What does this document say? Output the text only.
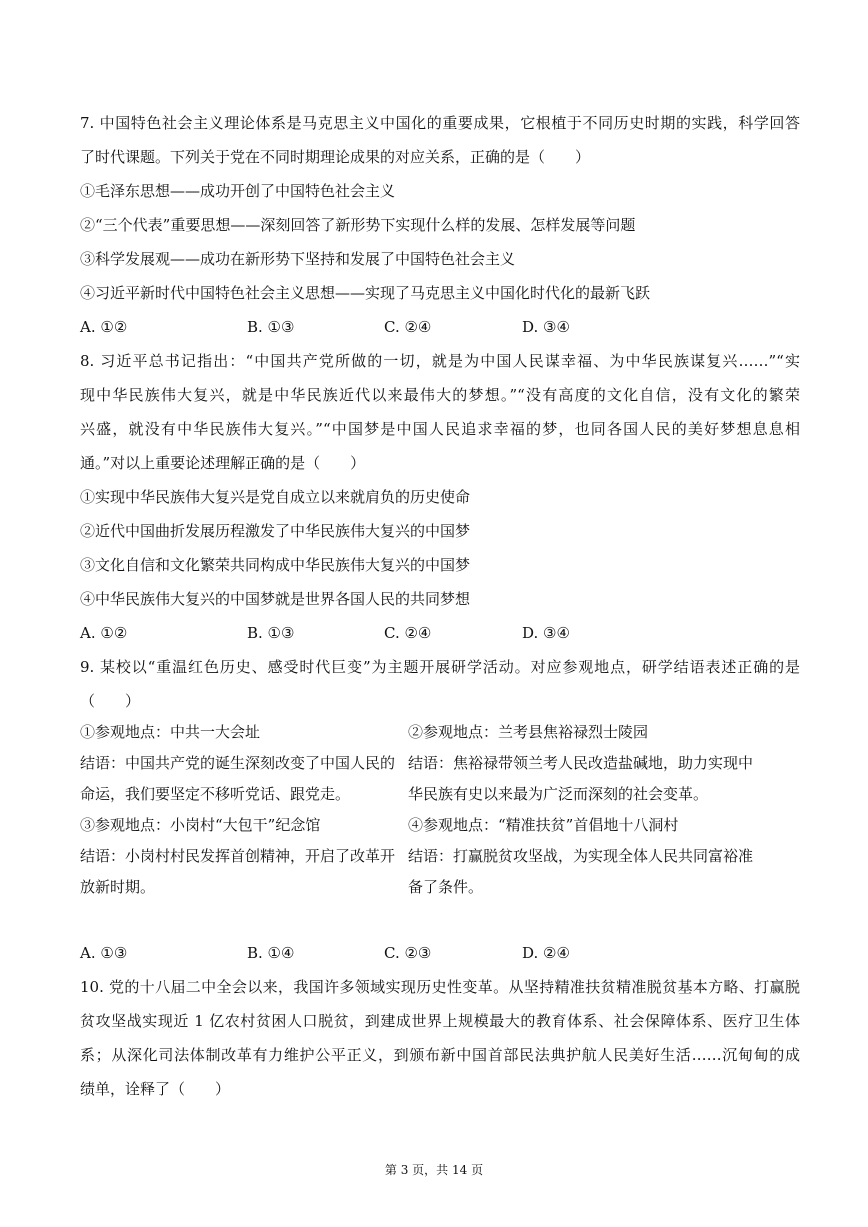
7. 中国特色社会主义理论体系是马克思主义中国化的重要成果，它根植于不同历史时期的实践，科学回答
了时代课题。下列关于党在不同时期理论成果的对应关系，正确的是（　　）
①毛泽东思想——成功开创了中国特色社会主义
②“三个代表”重要思想——深刻回答了新形势下实现什么样的发展、怎样发展等问题
③科学发展观——成功在新形势下坚持和发展了中国特色社会主义
④习近平新时代中国特色社会主义思想——实现了马克思主义中国化时代化的最新飞跃
A. ①②	B. ①③	C. ②④	D. ③④
8. 习近平总书记指出：“中国共产党所做的一切，就是为中国人民谋幸福、为中华民族谋复兴……”“实
现中华民族伟大复兴，就是中华民族近代以来最伟大的梦想。”“没有高度的文化自信，没有文化的繁荣
兴盛，就没有中华民族伟大复兴。”“中国梦是中国人民追求幸福的梦，也同各国人民的美好梦想息息相
通。”对以上重要论述理解正确的是（　　）
①实现中华民族伟大复兴是党自成立以来就肩负的历史使命
②近代中国曲折发展历程激发了中华民族伟大复兴的中国梦
③文化自信和文化繁荣共同构成中华民族伟大复兴的中国梦
④中华民族伟大复兴的中国梦就是世界各国人民的共同梦想
A. ①②	B. ①③	C. ②④	D. ③④
9. 某校以“重温红色历史、感受时代巨变”为主题开展研学活动。对应参观地点，研学结语表述正确的是
（　　）
①参观地点：中共一大会址
结语：中国共产党的诞生深刻改变了中国人民的
命运，我们要坚定不移听党话、跟党走。
③参观地点：小岗村“大包干”纪念馆
结语：小岗村村民发挥首创精神，开启了改革开
放新时期。
②参观地点：兰考县焦裕禄烈士陵园
结语：焦裕禄带领兰考人民改造盐碱地，助力实现中
华民族有史以来最为广泛而深刻的社会变革。
④参观地点：“精准扶贫”首倡地十八洞村
结语：打赢脱贫攻坚战，为实现全体人民共同富裕准
备了条件。
A. ①③	B. ①④	C. ②③	D. ②④
10. 党的十八届二中全会以来，我国许多领域实现历史性变革。从坚持精准扶贫精准脱贫基本方略、打赢脱
贫攻坚战实现近 1 亿农村贫困人口脱贫，到建成世界上规模最大的教育体系、社会保障体系、医疗卫生体
系；从深化司法体制改革有力维护公平正义，到颁布新中国首部民法典护航人民美好生活……沉甸甸的成
绩单，诠释了（　　）
第 3 页，共 14 页
